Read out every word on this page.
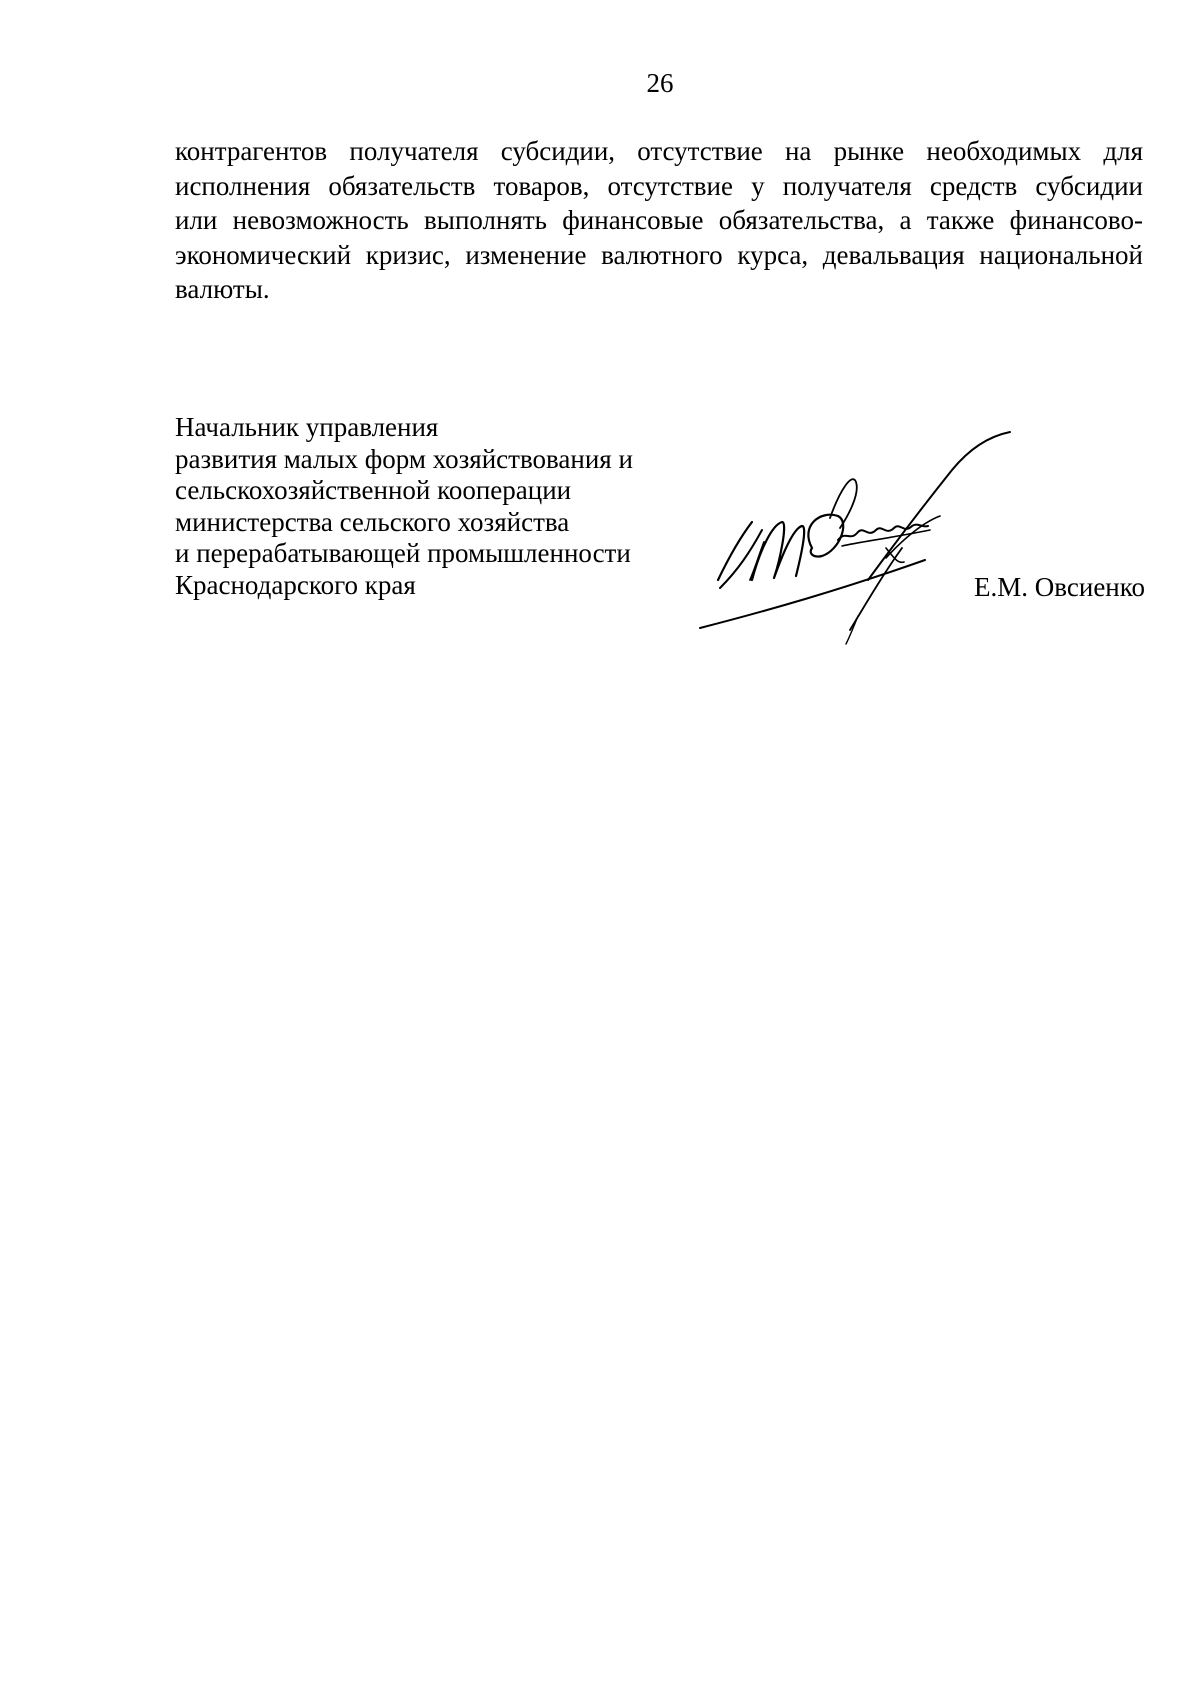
26
контрагентов получателя субсидии, отсутствие на рынке необходимых для
исполнения обязательств товаров, отсутствие у получателя средств субсидии
или невозможность выполнять финансовые обязательства, а также финансово-
экономический кризис, изменение валютного курса, девальвация национальной
валюты.
Начальник управления
развития малых форм хозяйствования и
сельскохозяйственной кооперации
министерства сельского хозяйства
и перерабатывающей промышленности
Краснодарского края	Е.М. Овсиенко
